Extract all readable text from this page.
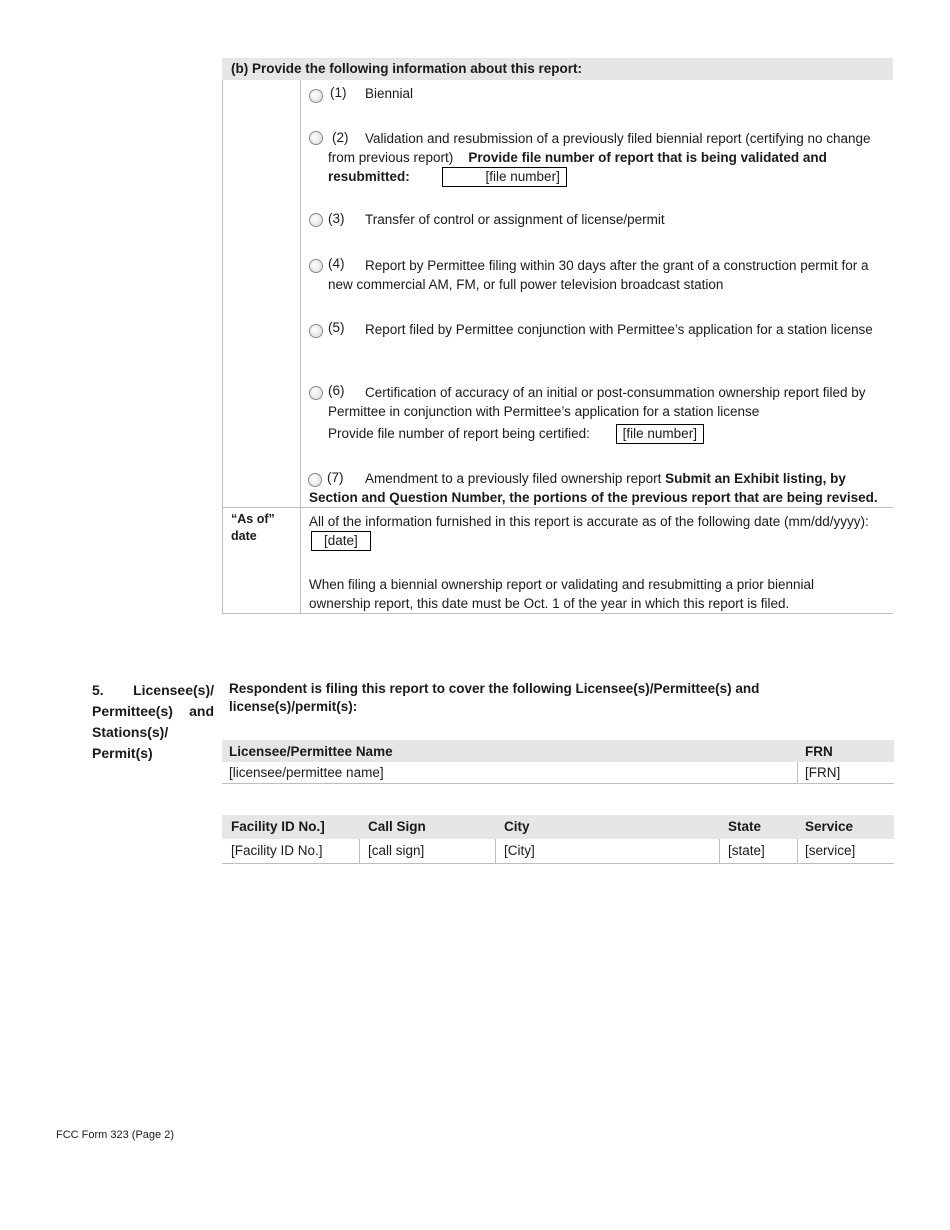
(b) Provide the following information about this report:
(1) Biennial
(2)	Validation and resubmission of a previously filed biennial report (certifying no change from previous report) Provide file number of report that is being validated and resubmitted:	[file number]
(3) Transfer of control or assignment of license/permit
(4)	Report by Permittee filing within 30 days after the grant of a construction permit for a new commercial AM, FM, or full power television broadcast station
(5)	Report filed by Permittee conjunction with Permittee’s application for a station license
(6)	Certification of accuracy of an initial or post-consummation ownership report filed by Permittee in conjunction with Permittee’s application for a station license
Provide file number of report being certified: [file number]
(7)	Amendment to a previously filed ownership report Submit an Exhibit listing, by Section and Question Number, the portions of the previous report that are being revised.
“As of” date
All of the information furnished in this report is accurate as of the following date (mm/dd/yyyy): [date]
When filing a biennial ownership report or validating and resubmitting a prior biennial ownership report, this date must be Oct. 1 of the year in which this report is filed.
5. Licensee(s)/ Permittee(s) and Stations(s)/ Permit(s)
Respondent is filing this report to cover the following Licensee(s)/Permittee(s) and license(s)/permit(s):
Licensee/Permittee Name	FRN
[licensee/permittee name]	[FRN]
Facility ID No.]	Call Sign	City	State	Service
[Facility ID No.]	[call sign]	[City]	[state]	[service]
FCC Form 323 (Page 2)
